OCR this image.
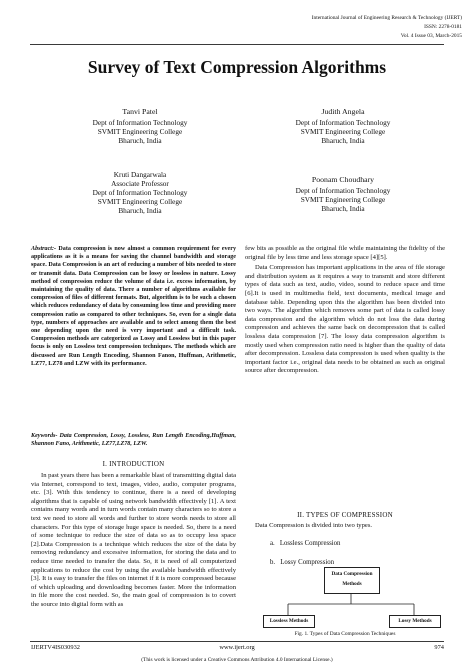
International Journal of Engineering Research & Technology (IJERT)
ISSN: 2278-0181
Vol. 4 Issue 03, March-2015
Survey of Text Compression Algorithms
Tanvi Patel
Dept of Information Technology
SVMIT Engineering College
Bharuch, India
Judith Angela
Dept of Information Technology
SVMIT Engineering College
Bharuch, India
Kruti Dangarwala
Associate Professor
Dept of Information Technology
SVMIT Engineering College
Bharuch, India
Poonam Choudhary
Dept of Information Technology
SVMIT Engineering College
Bharuch, India
Abstract:- Data compression is now almost a common requirement for every applications as it is a means for saving the channel bandwidth and storage space. Data Compression is an art of reducing a number of bits needed to store or transmit data. Data Compression can be lossy or lossless in nature. Lossy method of compression reduce the volume of data i.e. excess information, by maintaining the quality of data. There a number of algorithms available for compression of files of different formats. But, algorithm is to be such a chosen which reduces redundancy of data by consuming less time and providing more compression ratio as compared to other techniques. So, even for a single data type, numbers of approaches are available and to select among them the best one depending upon the need is very important and a difficult task. Compression methods are categorized as Lossy and Lossless but in this paper focus is only on Lossless text compression techniques. The methods which are discussed are Run Length Encoding, Shannon Fanon, Huffman, Arithmetic, LZ77, LZ78 and LZW with its performance.
Keywords- Data Compression, Lossy, Lossless, Run Length Encoding,Huffman, Shannon Fano, Arithmetic, LZ77,LZ78, LZW.
I. INTRODUCTION

In past years there has been a remarkable blast of transmitting digital data via Internet, correspond to text, images, video, audio, computer programs, etc. [3]. With this tendency to continue, there is a need of developing algorithms that is capable of using network bandwidth effectively [1]. A text contains many words and in turn words contain many characters so to store a text we need to store all words and further to store words needs to store all characters. For this type of storage huge space is needed. So, there is a need of some technique to reduce the size of data so as to occupy less space [2].Data Compression is a technique which reduces the size of the data by removing redundancy and excessive information, for storing the data and to reduce time needed to transfer the data. So, it is need of all computerized applications to reduce the cost by using the available bandwidth effectively [3]. It is easy to transfer the files on internet if it is more compressed because of which uploading and downloading becomes faster. More the information in file more the cost needed. So, the main goal of compression is to covert the source into digital form with as

few bits as possible as the original file while maintaining the fidelity of the original file by less time and less storage space [4][5].

Data Compression has important applications in the area of file storage and distribution system as it requires a way to transmit and store different types of data such as text, audio, video, sound to reduce space and time [6].It is used in multimedia field, text documents, medical image and database table. Depending upon this the algorithm has been divided into two ways. The algorithm which removes some part of data is called lossy data compression and the algorithm which do not loss the data during compression and achieves the same back on decompression that is called lossless data compression [7]. The lossy data compression algorithm is mostly used when compression ratio need is higher than the quality of data after decompression. Lossless data compression is used when quality is the important factor i.e., original data needs to be obtained as such as original source after decompression.

II. TYPES OF COMPRESSION

Data Compression is divided into two types.

a. Lossless Compression
b. Lossy Compression
Data Compression Methods
Lossless Methods	Lossy Methods
Fig. 1. Types of Data Compression Techniques
IJERTV4IS030932	www.ijert.org	974
(This work is licensed under a Creative Commons Attribution 4.0 International License.)
